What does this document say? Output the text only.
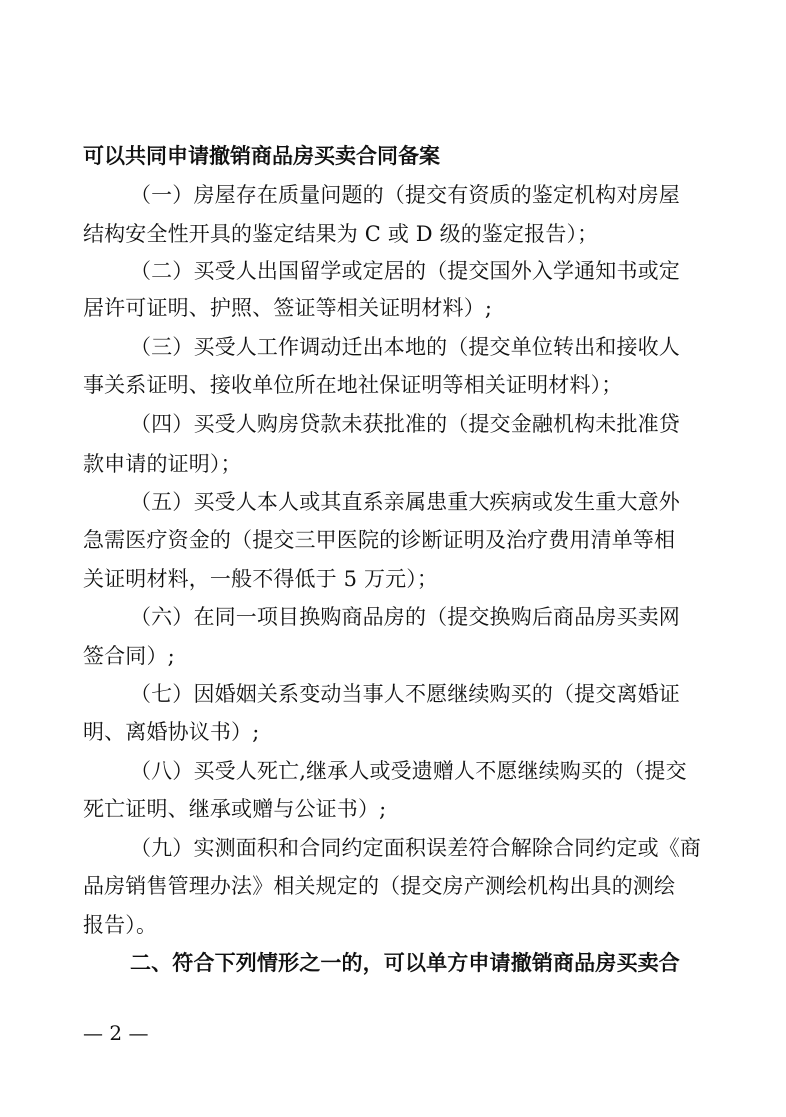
可以共同申请撤销商品房买卖合同备案
（一）房屋存在质量问题的（提交有资质的鉴定机构对房屋
结构安全性开具的鉴定结果为 C 或 D 级的鉴定报告）；
（二）买受人出国留学或定居的（提交国外入学通知书或定
居许可证明、护照、签证等相关证明材料）;
（三）买受人工作调动迁出本地的（提交单位转出和接收人
事关系证明、接收单位所在地社保证明等相关证明材料）；
（四）买受人购房贷款未获批准的（提交金融机构未批准贷
款申请的证明）；
（五）买受人本人或其直系亲属患重大疾病或发生重大意外
急需医疗资金的（提交三甲医院的诊断证明及治疗费用清单等相
关证明材料，一般不得低于 5 万元）；
（六）在同一项目换购商品房的（提交换购后商品房买卖网
签合同）;
（七）因婚姻关系变动当事人不愿继续购买的（提交离婚证
明、离婚协议书）;
（八）买受人死亡,继承人或受遗赠人不愿继续购买的（提交
死亡证明、继承或赠与公证书）;
（九）实测面积和合同约定面积误差符合解除合同约定或《商
品房销售管理办法》相关规定的（提交房产测绘机构出具的测绘
报告）。
二、符合下列情形之一的，可以单方申请撤销商品房买卖合
— 2 —
